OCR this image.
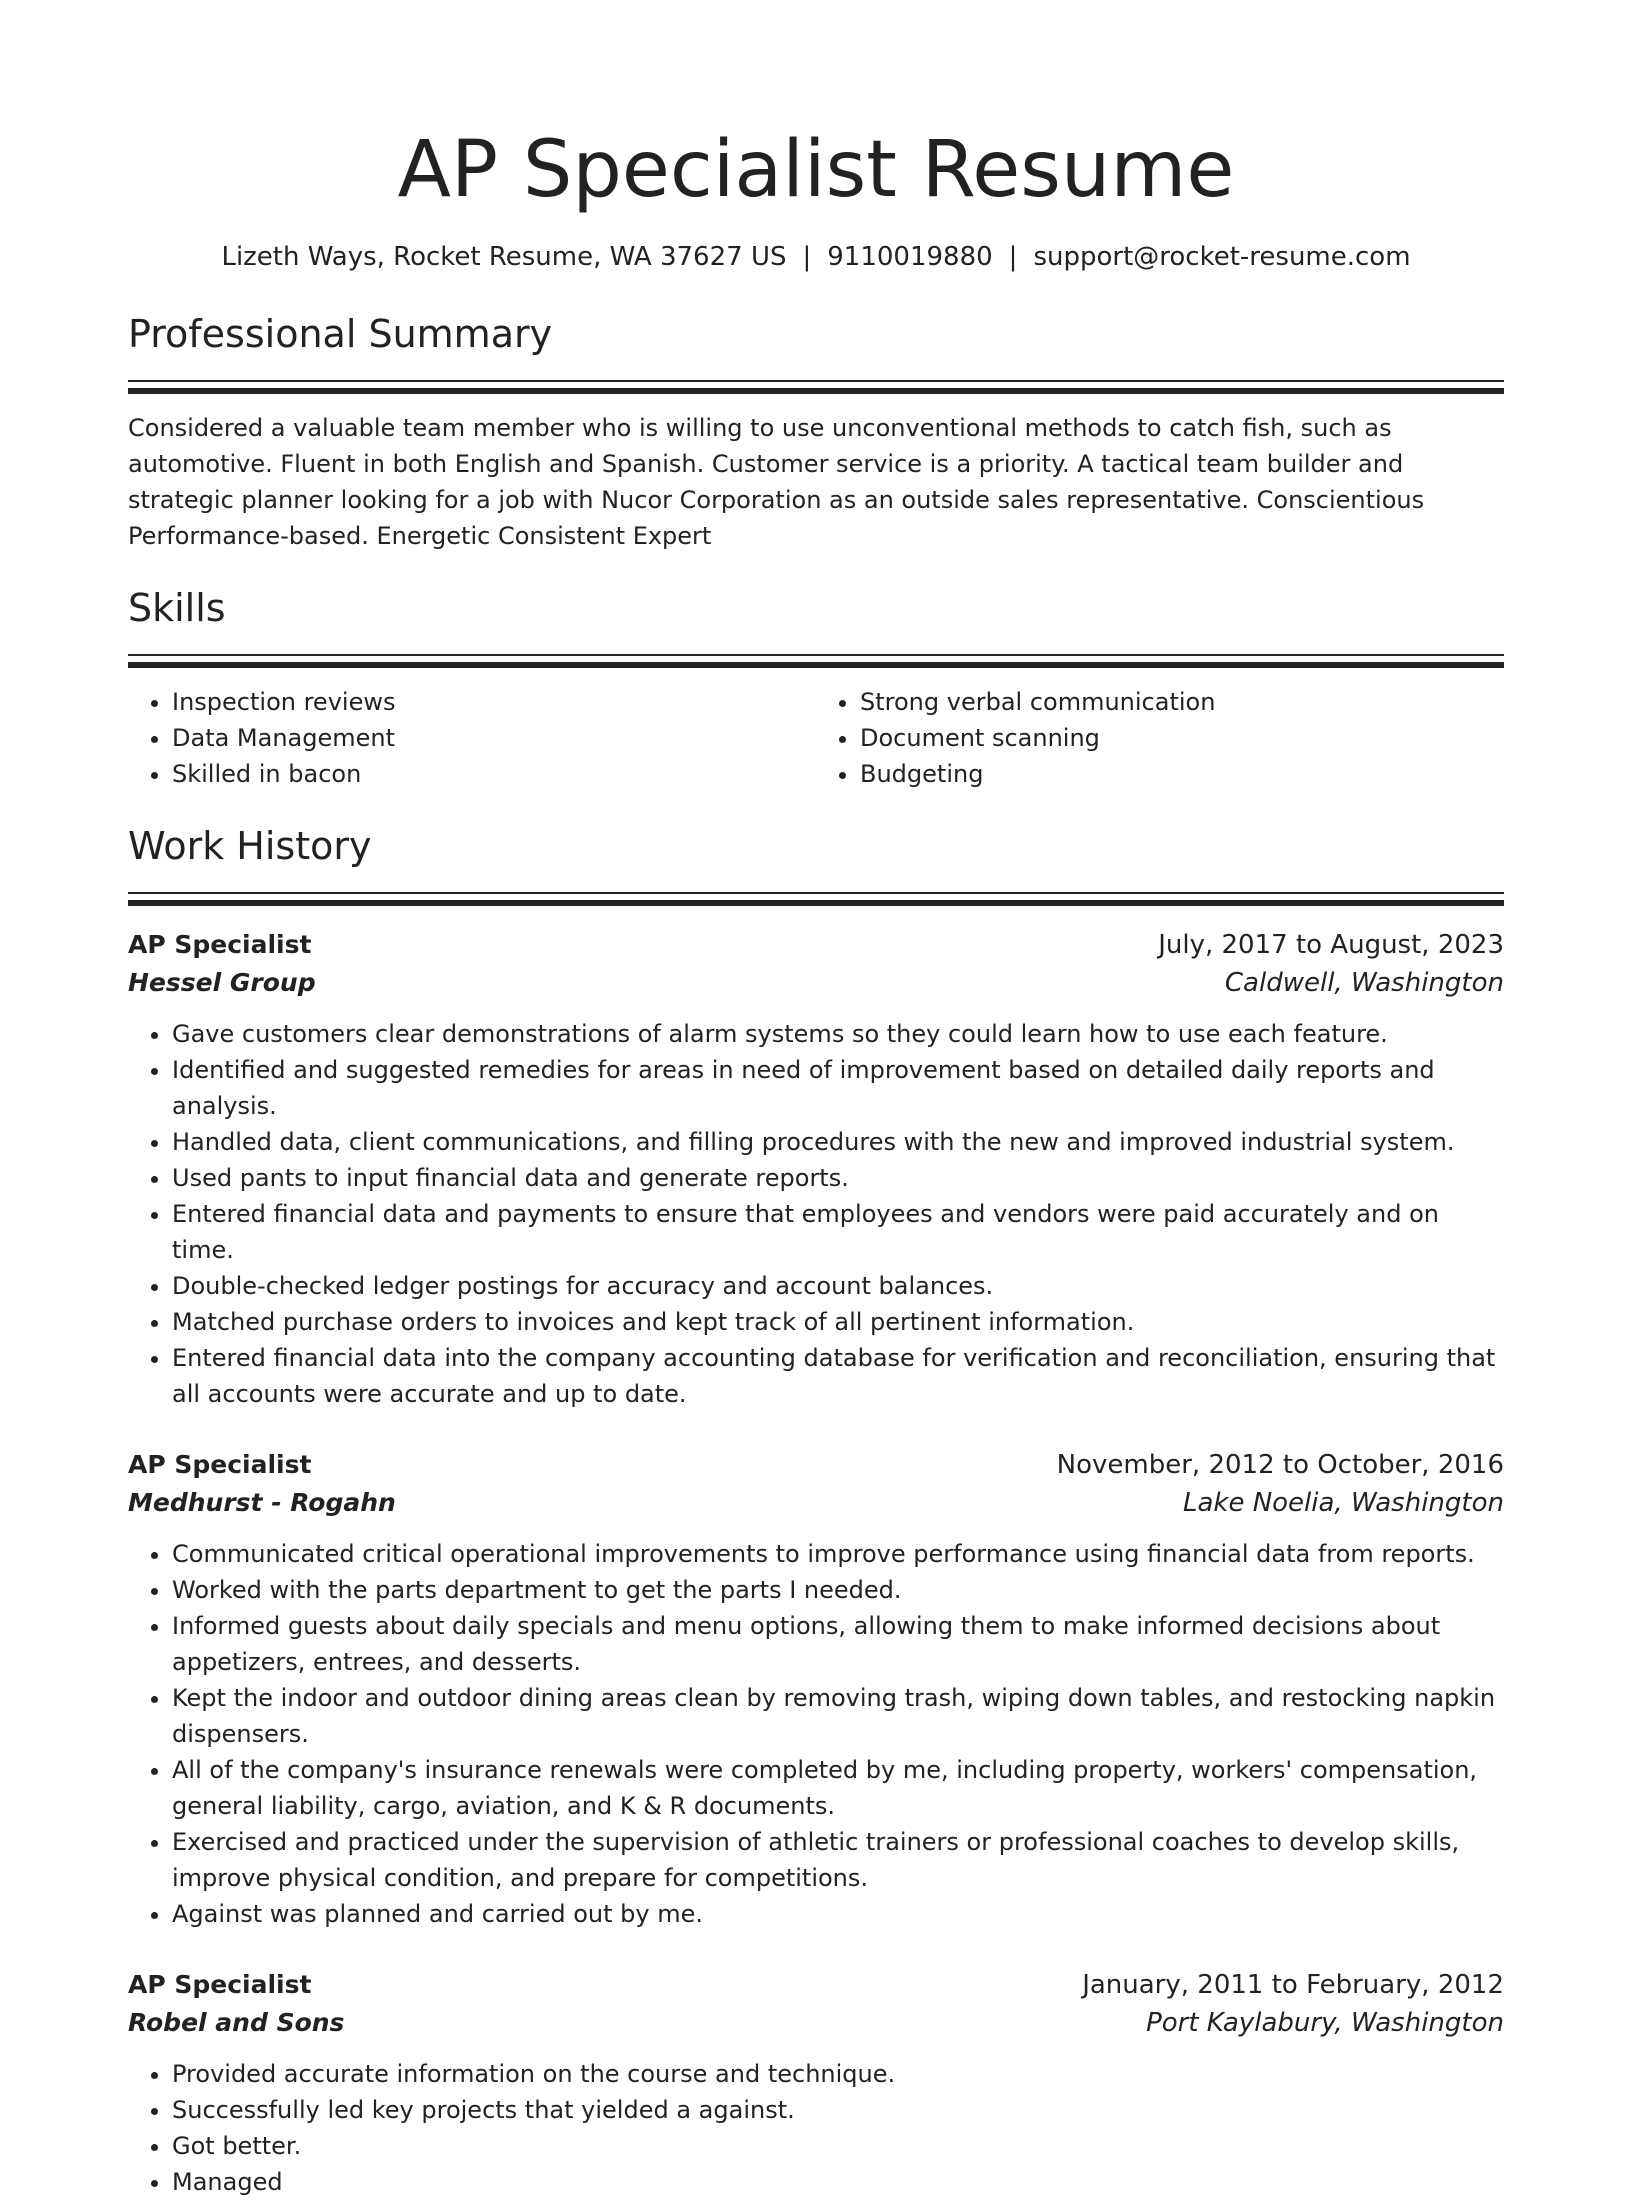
AP Specialist Resume
Lizeth Ways, Rocket Resume, WA 37627 US | 9110019880 | support@rocket-resume.com
Professional Summary

Considered a valuable team member who is willing to use unconventional methods to catch fish, such as automotive. Fluent in both English and Spanish. Customer service is a priority. A tactical team builder and strategic planner looking for a job with Nucor Corporation as an outside sales representative. Conscientious Performance-based. Energetic Consistent Expert

Skills
• Inspection reviews
• Data Management
• Skilled in bacon
• Strong verbal communication
• Document scanning
• Budgeting
Work History
AP Specialist	July, 2017 to August, 2023
Hessel Group	Caldwell, Washington
• Gave customers clear demonstrations of alarm systems so they could learn how to use each feature.
• Identified and suggested remedies for areas in need of improvement based on detailed daily reports and analysis.
• Handled data, client communications, and filling procedures with the new and improved industrial system.
• Used pants to input financial data and generate reports.
• Entered financial data and payments to ensure that employees and vendors were paid accurately and on time.
• Double-checked ledger postings for accuracy and account balances.
• Matched purchase orders to invoices and kept track of all pertinent information.
• Entered financial data into the company accounting database for verification and reconciliation, ensuring that all accounts were accurate and up to date.
AP Specialist	November, 2012 to October, 2016
Medhurst - Rogahn	Lake Noelia, Washington
• Communicated critical operational improvements to improve performance using financial data from reports.
• Worked with the parts department to get the parts I needed.
• Informed guests about daily specials and menu options, allowing them to make informed decisions about appetizers, entrees, and desserts.
• Kept the indoor and outdoor dining areas clean by removing trash, wiping down tables, and restocking napkin dispensers.
• All of the company's insurance renewals were completed by me, including property, workers' compensation, general liability, cargo, aviation, and K & R documents.
• Exercised and practiced under the supervision of athletic trainers or professional coaches to develop skills, improve physical condition, and prepare for competitions.
• Against was planned and carried out by me.
AP Specialist	January, 2011 to February, 2012
Robel and Sons	Port Kaylabury, Washington
• Provided accurate information on the course and technique.
• Successfully led key projects that yielded a against.
• Got better.
• Managed
